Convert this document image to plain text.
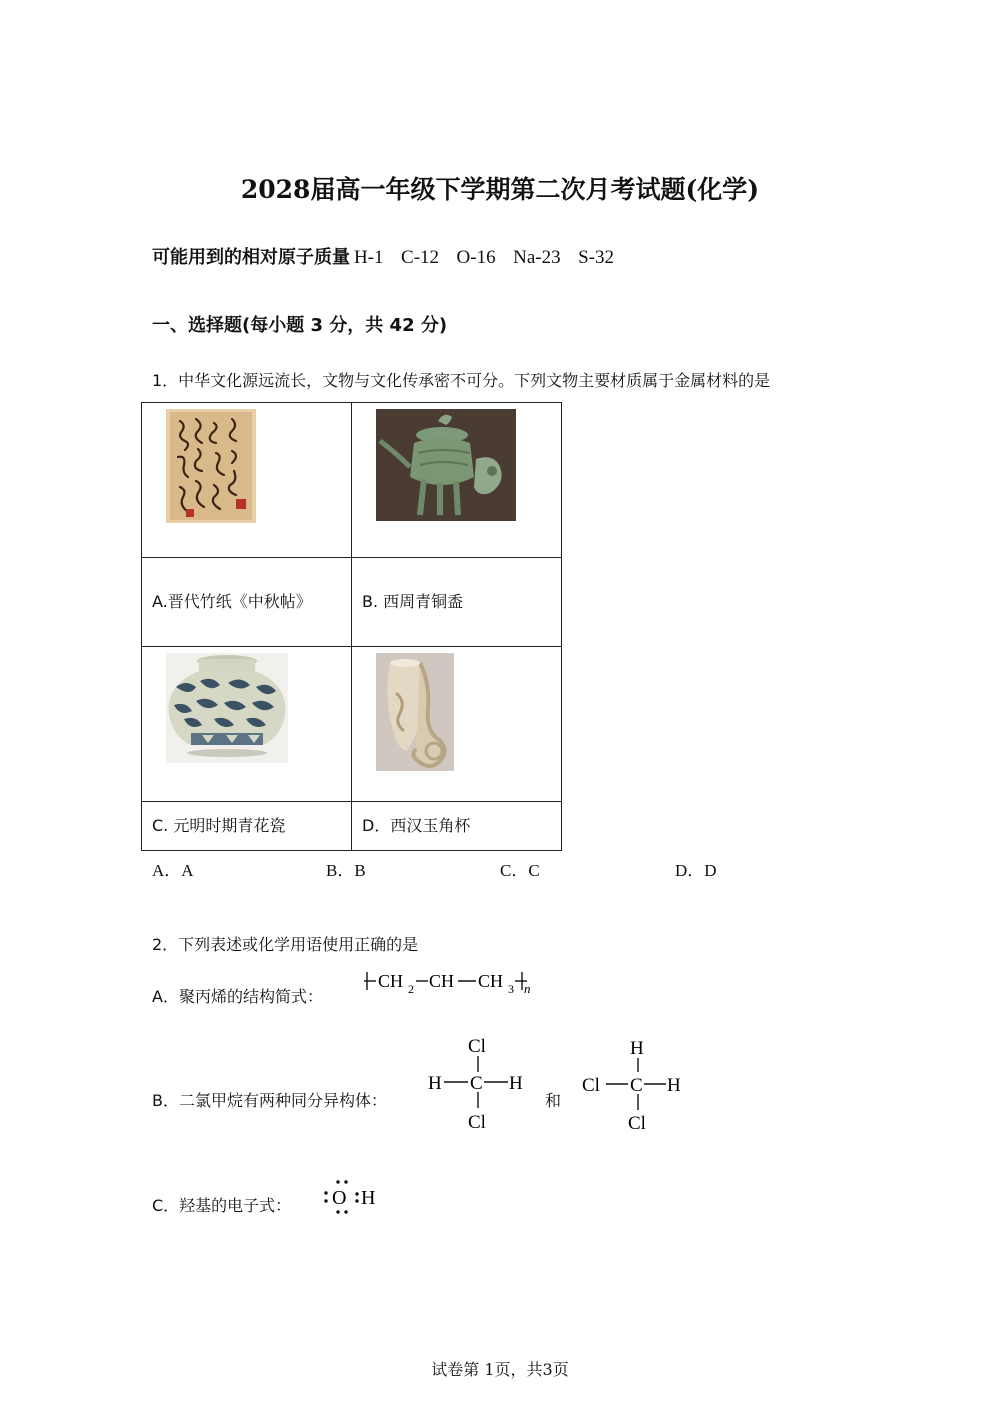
2028届高一年级下学期第二次月考试题(化学)
可能用到的相对原子质量 H-1  C-12  O-16  Na-23  S-32
一、选择题(每小题 3 分，共 42 分)
1．中华文化源远流长，文物与文化传承密不可分。下列文物主要材质属于金属材料的是

A.晋代竹纸《中秋帖》	B. 西周青铜盉

C. 元明时期青花瓷	D．西汉玉角杯
A．A	B．B	C．C	D．D
2．下列表述或化学用语使用正确的是
A．聚丙烯的结构简式：
CH 2 CH CH 3 n
B．二氯甲烷有两种同分异构体：
Cl
H C H
Cl
和
H
Cl C H
Cl
C．羟基的电子式： O H
试卷第 1页，共3页
